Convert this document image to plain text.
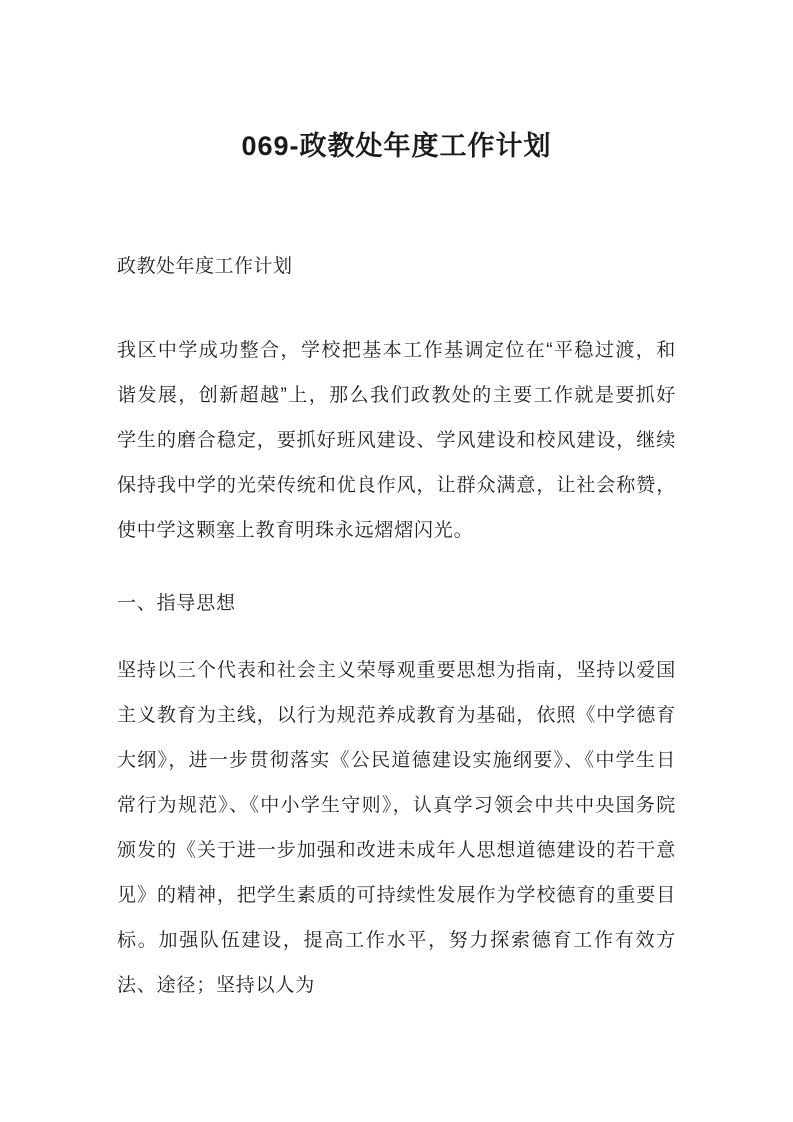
069-政教处年度工作计划

政教处年度工作计划

我区中学成功整合，学校把基本工作基调定位在“平稳过渡，和谐发展，创新超越”上，那么我们政教处的主要工作就是要抓好学生的磨合稳定，要抓好班风建设、学风建设和校风建设，继续保持我中学的光荣传统和优良作风，让群众满意，让社会称赞，使中学这颗塞上教育明珠永远熠熠闪光。

一、指导思想

坚持以三个代表和社会主义荣辱观重要思想为指南，坚持以爱国主义教育为主线，以行为规范养成教育为基础，依照《中学德育大纲》，进一步贯彻落实《公民道德建设实施纲要》、《中学生日常行为规范》、《中小学生守则》，认真学习领会中共中央国务院颁发的《关于进一步加强和改进未成年人思想道德建设的若干意见》的精神，把学生素质的可持续性发展作为学校德育的重要目标。加强队伍建设，提高工作水平，努力探索德育工作有效方法、途径；坚持以人为
